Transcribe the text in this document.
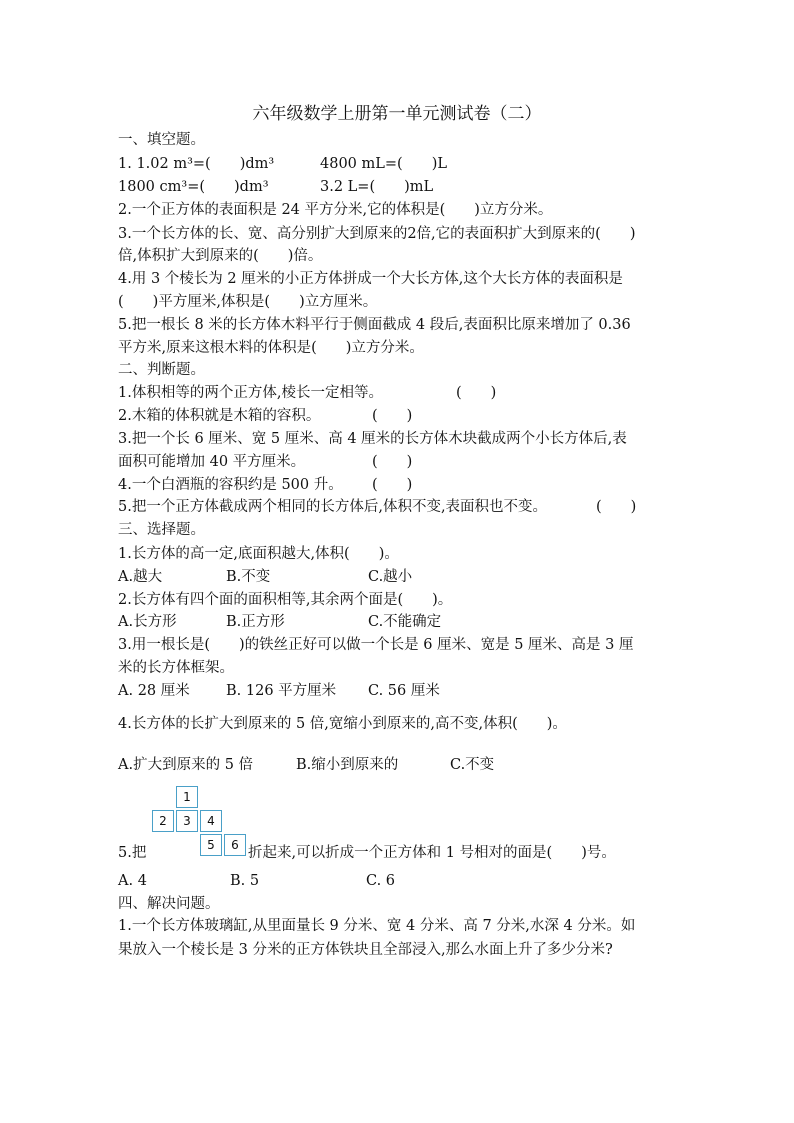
六年级数学上册第一单元测试卷（二）
一、填空题。
1. 1.02 m³=(　　)dm³	4800 mL=(　　)L
1800 cm³=(　　)dm³	3.2 L=(　　)mL
2.一个正方体的表面积是 24 平方分米,它的体积是(　　)立方分米。
3.一个长方体的长、宽、高分别扩大到原来的2倍,它的表面积扩大到原来的(　　)
倍,体积扩大到原来的(　　)倍。
4.用 3 个棱长为 2 厘米的小正方体拼成一个大长方体,这个大长方体的表面积是
(　　)平方厘米,体积是(　　)立方厘米。
5.把一根长 8 米的长方体木料平行于侧面截成 4 段后,表面积比原来增加了 0.36
平方米,原来这根木料的体积是(　　)立方分米。
二、判断题。
1.体积相等的两个正方体,棱长一定相等。	(　　)
2.木箱的体积就是木箱的容积。	(　　)
3.把一个长 6 厘米、宽 5 厘米、高 4 厘米的长方体木块截成两个小长方体后,表
面积可能增加 40 平方厘米。	(　　)
4.一个白酒瓶的容积约是 500 升。 (　　)
5.把一个正方体截成两个相同的长方体后,体积不变,表面积也不变。	(　　)
三、选择题。
1.长方体的高一定,底面积越大,体积(　　)。
A.越大	B.不变	C.越小
2.长方体有四个面的面积相等,其余两个面是(　　)。
A.长方形	B.正方形	C.不能确定
3.用一根长是(　　)的铁丝正好可以做一个长是 6 厘米、宽是 5 厘米、高是 3 厘
米的长方体框架。
A. 28 厘米	B. 126 平方厘米 C. 56 厘米
4.长方体的长扩大到原来的 5 倍,宽缩小到原来的,高不变,体积(　　)。
A.扩大到原来的 5 倍	B.缩小到原来的	C.不变
1
2	3	4
5	6
5.把	折起来,可以折成一个正方体和 1 号相对的面是(　　)号。
A. 4	B. 5	C. 6
四、解决问题。
1.一个长方体玻璃缸,从里面量长 9 分米、宽 4 分米、高 7 分米,水深 4 分米。如
果放入一个棱长是 3 分米的正方体铁块且全部浸入,那么水面上升了多少分米?
